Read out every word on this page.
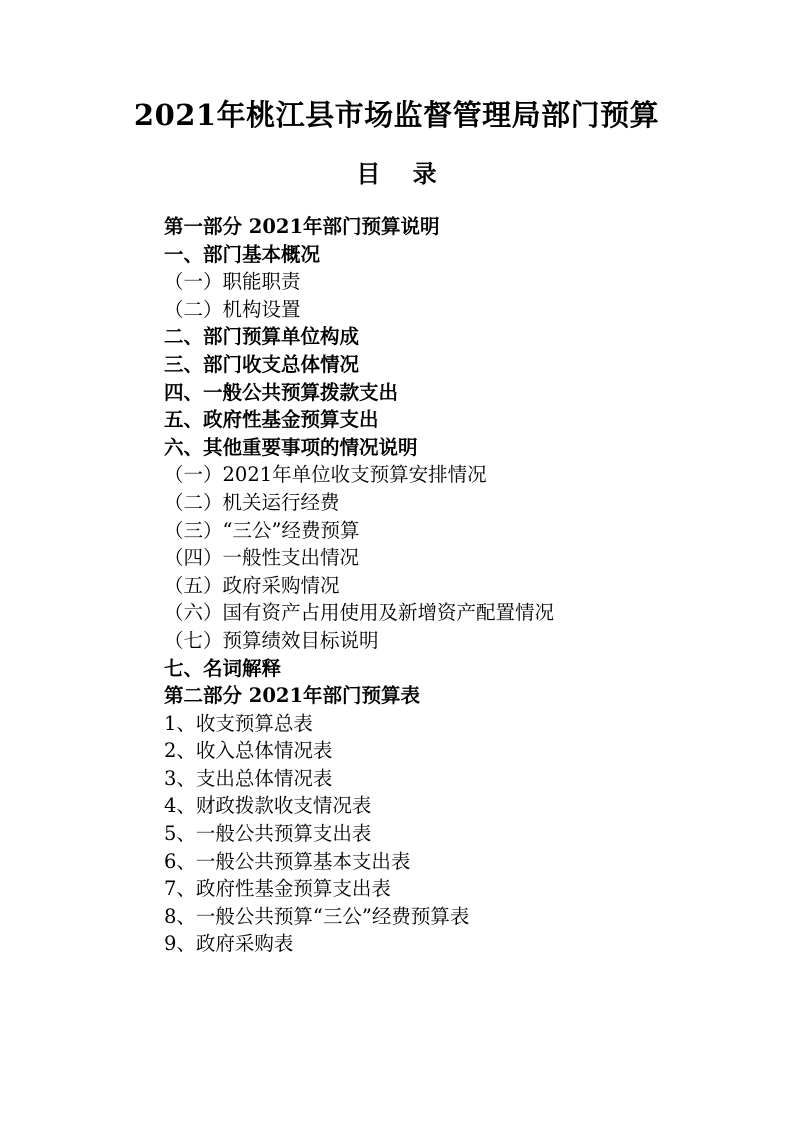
2021年桃江县市场监督管理局部门预算
目 录
第一部分 2021年部门预算说明
一、部门基本概况
（一）职能职责
（二）机构设置
二、部门预算单位构成
三、部门收支总体情况
四、一般公共预算拨款支出
五、政府性基金预算支出
六、其他重要事项的情况说明
（一）2021年单位收支预算安排情况
（二）机关运行经费
（三）“三公”经费预算
（四）一般性支出情况
（五）政府采购情况
（六）国有资产占用使用及新增资产配置情况
（七）预算绩效目标说明
七、名词解释
第二部分 2021年部门预算表
1、收支预算总表
2、收入总体情况表
3、支出总体情况表
4、财政拨款收支情况表
5、一般公共预算支出表
6、一般公共预算基本支出表
7、政府性基金预算支出表
8、一般公共预算“三公”经费预算表
9、政府采购表
